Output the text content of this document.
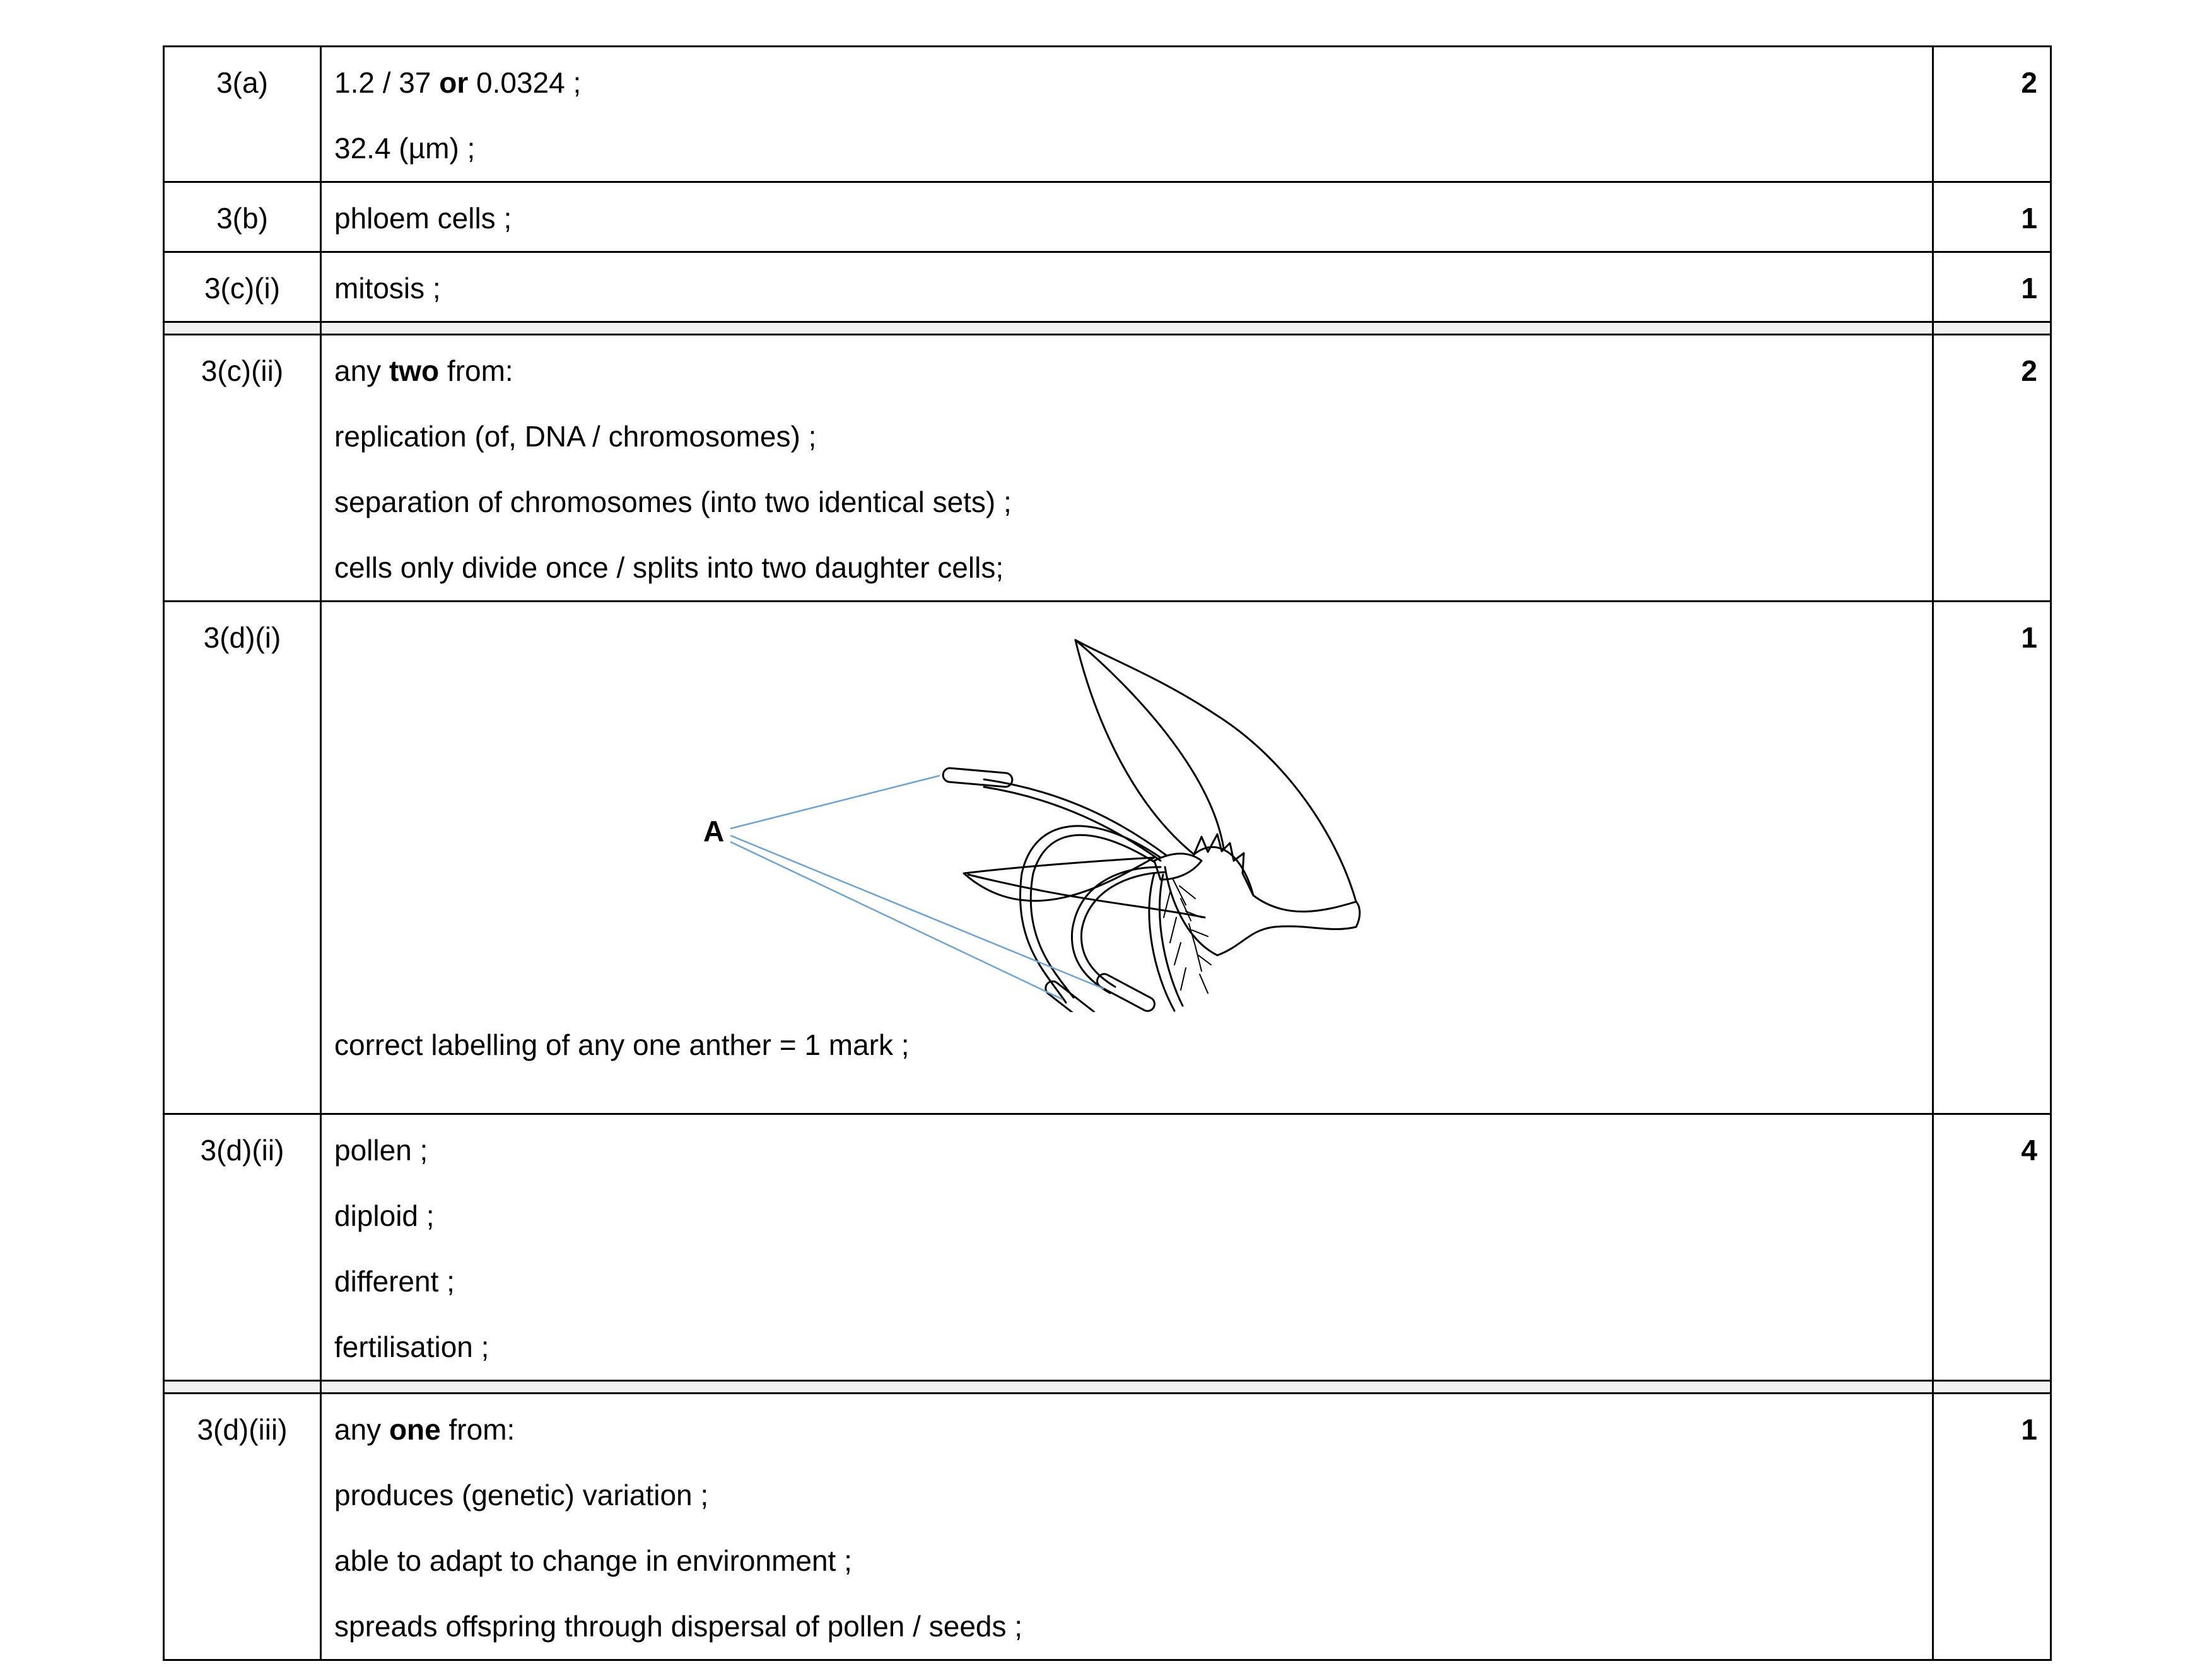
3(a)	1.2 / 37 or 0.0324 ;
32.4 (µm) ;	2

3(b)	phloem cells ;	1

3(c)(i)	mitosis ;	1

3(c)(ii)	any two from:
replication (of, DNA / chromosomes) ;
separation of chromosomes (into two identical sets) ;
cells only divide once / splits into two daughter cells;	2

3(d)(i)	A
correct labelling of any one anther = 1 mark ;	1

3(d)(ii)	pollen ;
diploid ;
different ;
fertilisation ;	4

3(d)(iii)	any one from:
produces (genetic) variation ;
able to adapt to change in environment ;
spreads offspring through dispersal of pollen / seeds ;	1
